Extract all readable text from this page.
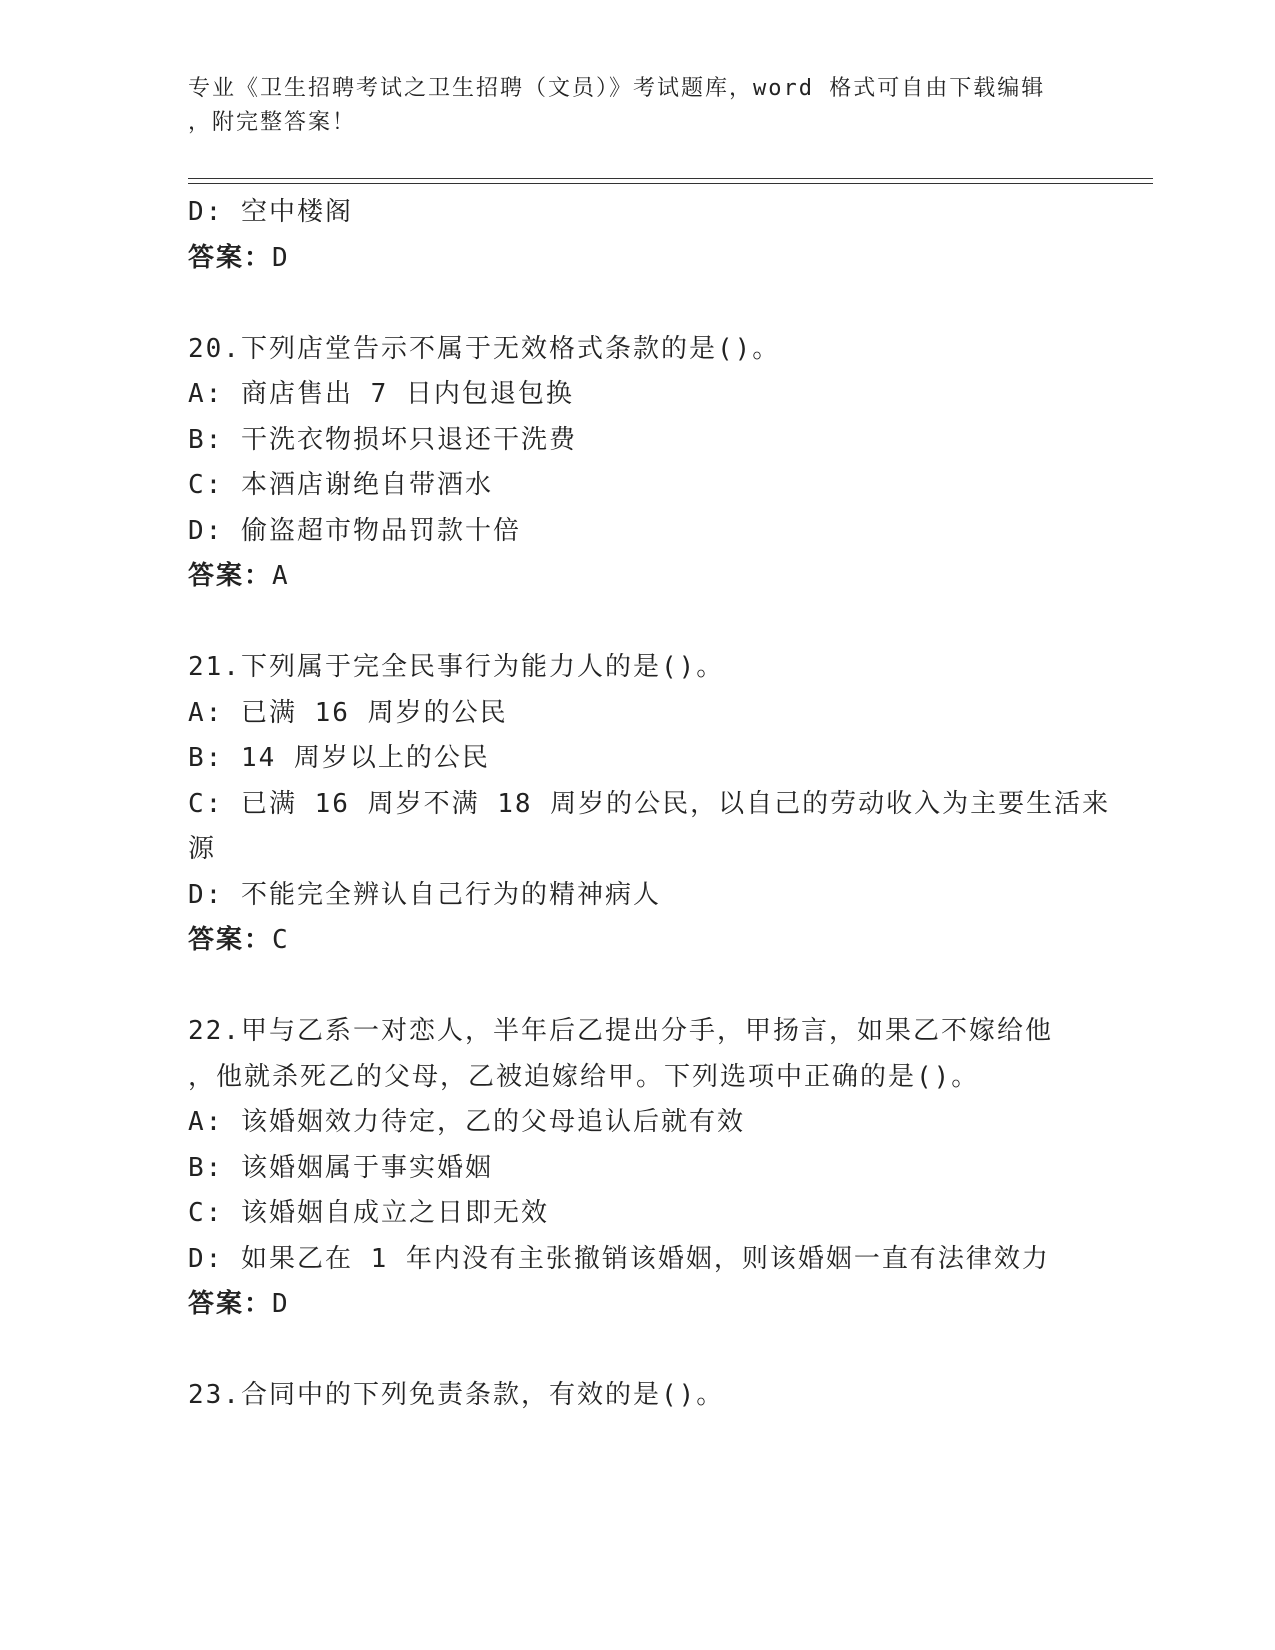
专业《卫生招聘考试之卫生招聘（文员）》考试题库，word 格式可自由下载编辑
，附完整答案！
D: 空中楼阁
答案：D
20.下列店堂告示不属于无效格式条款的是()。
A: 商店售出 7 日内包退包换
B: 干洗衣物损坏只退还干洗费
C: 本酒店谢绝自带酒水
D: 偷盗超市物品罚款十倍
答案：A
21.下列属于完全民事行为能力人的是()。
A: 已满 16 周岁的公民
B: 14 周岁以上的公民
C: 已满 16 周岁不满 18 周岁的公民，以自己的劳动收入为主要生活来
源
D: 不能完全辨认自己行为的精神病人
答案：C
22.甲与乙系一对恋人，半年后乙提出分手，甲扬言，如果乙不嫁给他
，他就杀死乙的父母，乙被迫嫁给甲。下列选项中正确的是()。
A: 该婚姻效力待定，乙的父母追认后就有效
B: 该婚姻属于事实婚姻
C: 该婚姻自成立之日即无效
D: 如果乙在 1 年内没有主张撤销该婚姻，则该婚姻一直有法律效力
答案：D
23.合同中的下列免责条款，有效的是()。
